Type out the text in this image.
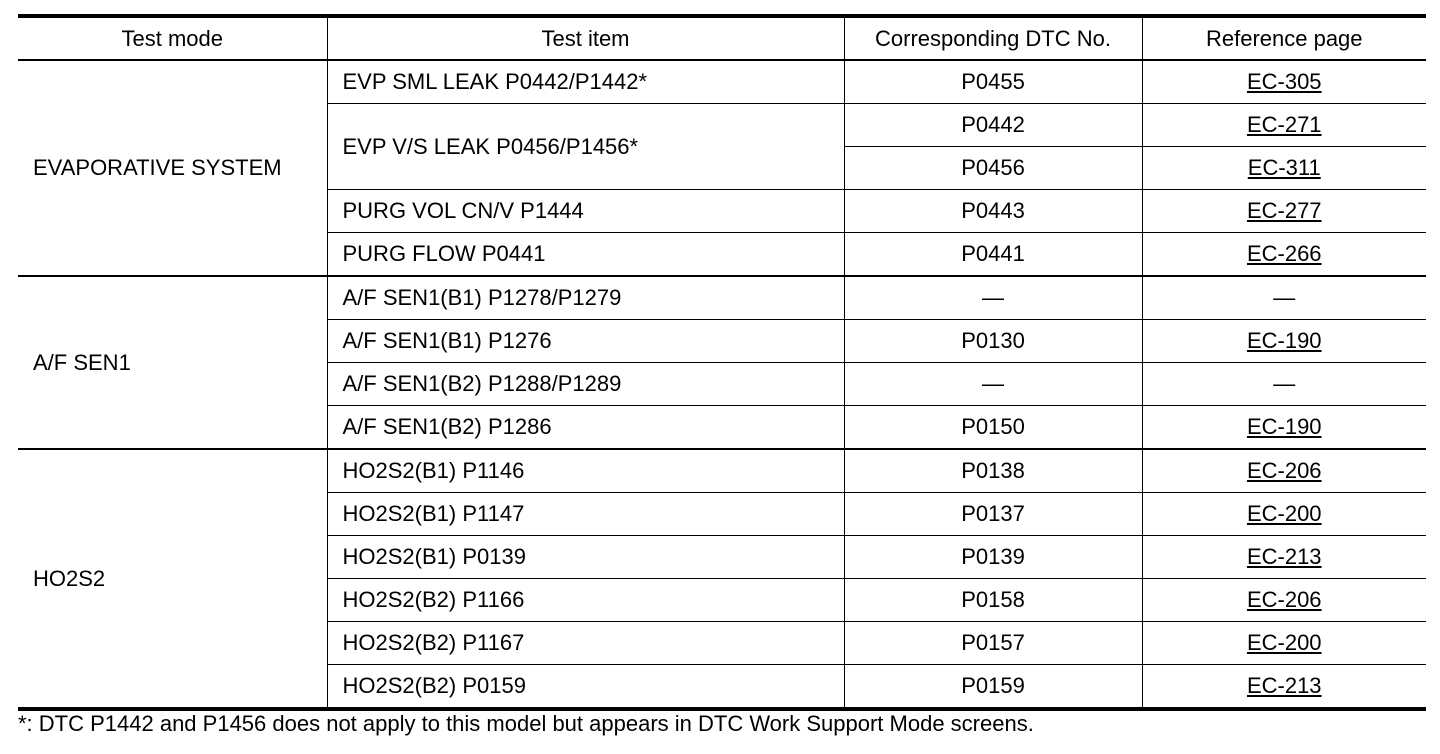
Test mode	Test item	Corresponding DTC No.	Reference page
EVAPORATIVE SYSTEM	EVP SML LEAK P0442/P1442*	P0455	EC-305
	EVP V/S LEAK P0456/P1456*	P0442	EC-271
		P0456	EC-311
	PURG VOL CN/V P1444	P0443	EC-277
	PURG FLOW P0441	P0441	EC-266
A/F SEN1	A/F SEN1(B1) P1278/P1279	—	—
	A/F SEN1(B1) P1276	P0130	EC-190
	A/F SEN1(B2) P1288/P1289	—	—
	A/F SEN1(B2) P1286	P0150	EC-190
HO2S2	HO2S2(B1) P1146	P0138	EC-206
	HO2S2(B1) P1147	P0137	EC-200
	HO2S2(B1) P0139	P0139	EC-213
	HO2S2(B2) P1166	P0158	EC-206
	HO2S2(B2) P1167	P0157	EC-200
	HO2S2(B2) P0159	P0159	EC-213
*: DTC P1442 and P1456 does not apply to this model but appears in DTC Work Support Mode screens.
